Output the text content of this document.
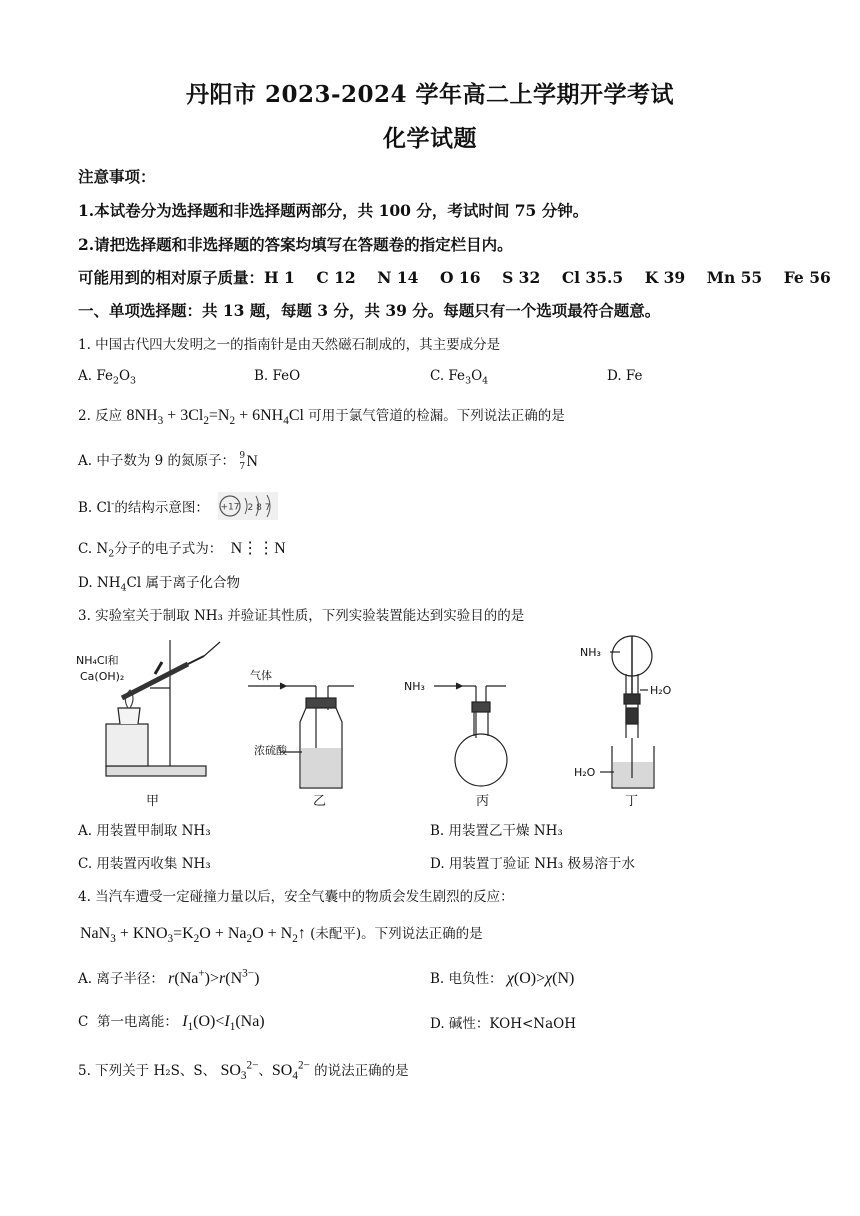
丹阳市 2023-2024 学年高二上学期开学考试
化学试题
注意事项：
1.本试卷分为选择题和非选择题两部分，共 100 分，考试时间 75 分钟。
2.请把选择题和非选择题的答案均填写在答题卷的指定栏目内。
可能用到的相对原子质量：H 1    C 12    N 14    O 16    S 32    Cl 35.5    K 39    Mn 55    Fe 56
一、单项选择题：共 13 题，每题 3 分，共 39 分。每题只有一个选项最符合题意。
1. 中国古代四大发明之一的指南针是由天然磁石制成的，其主要成分是
A. $Fe_2O_3$	B. FeO	C. $Fe_3O_4$	D. Fe
2. 反应 $8NH_3 + 3Cl_2=N_2 + 6NH_4Cl$ 可用于氯气管道的检漏。下列说法正确的是
A. 中子数为 9 的氮原子： 9
7 N
B. Cl-的结构示意图： +17 2 8 7
C. $N_2$分子的电子式为： N⋮⋮N
D. $NH_4Cl$ 属于离子化合物
3. 实验室关于制取 NH₃ 并验证其性质，下列实验装置能达到实验目的的是
NH₄Cl和
Ca(OH)₂	气体
浓硫酸
NH₃
NH₃
H₂O
H₂O
甲	乙	丙	丁
A. 用装置甲制取 NH₃	B. 用装置乙干燥 NH₃
C. 用装置丙收集 NH₃	D. 用装置丁验证 NH₃ 极易溶于水
4. 当汽车遭受一定碰撞力量以后，安全气囊中的物质会发生剧烈的反应：
$NaN_3 + KNO_3=K_2O + Na_2O$ + $N_2↑$ (未配平)。下列说法正确的是
A. 离子半径： $r(Na^+)>r(N^{3-})$	B. 电负性： χ(O)>χ(N)
C 第一电离能： $I_1(O)<I_1(Na)$	D. 碱性：KOH<NaOH
5. 下列关于 H₂S、S、 $SO_3^{2-}$、$SO_4^{2-}$ 的说法正确的是
